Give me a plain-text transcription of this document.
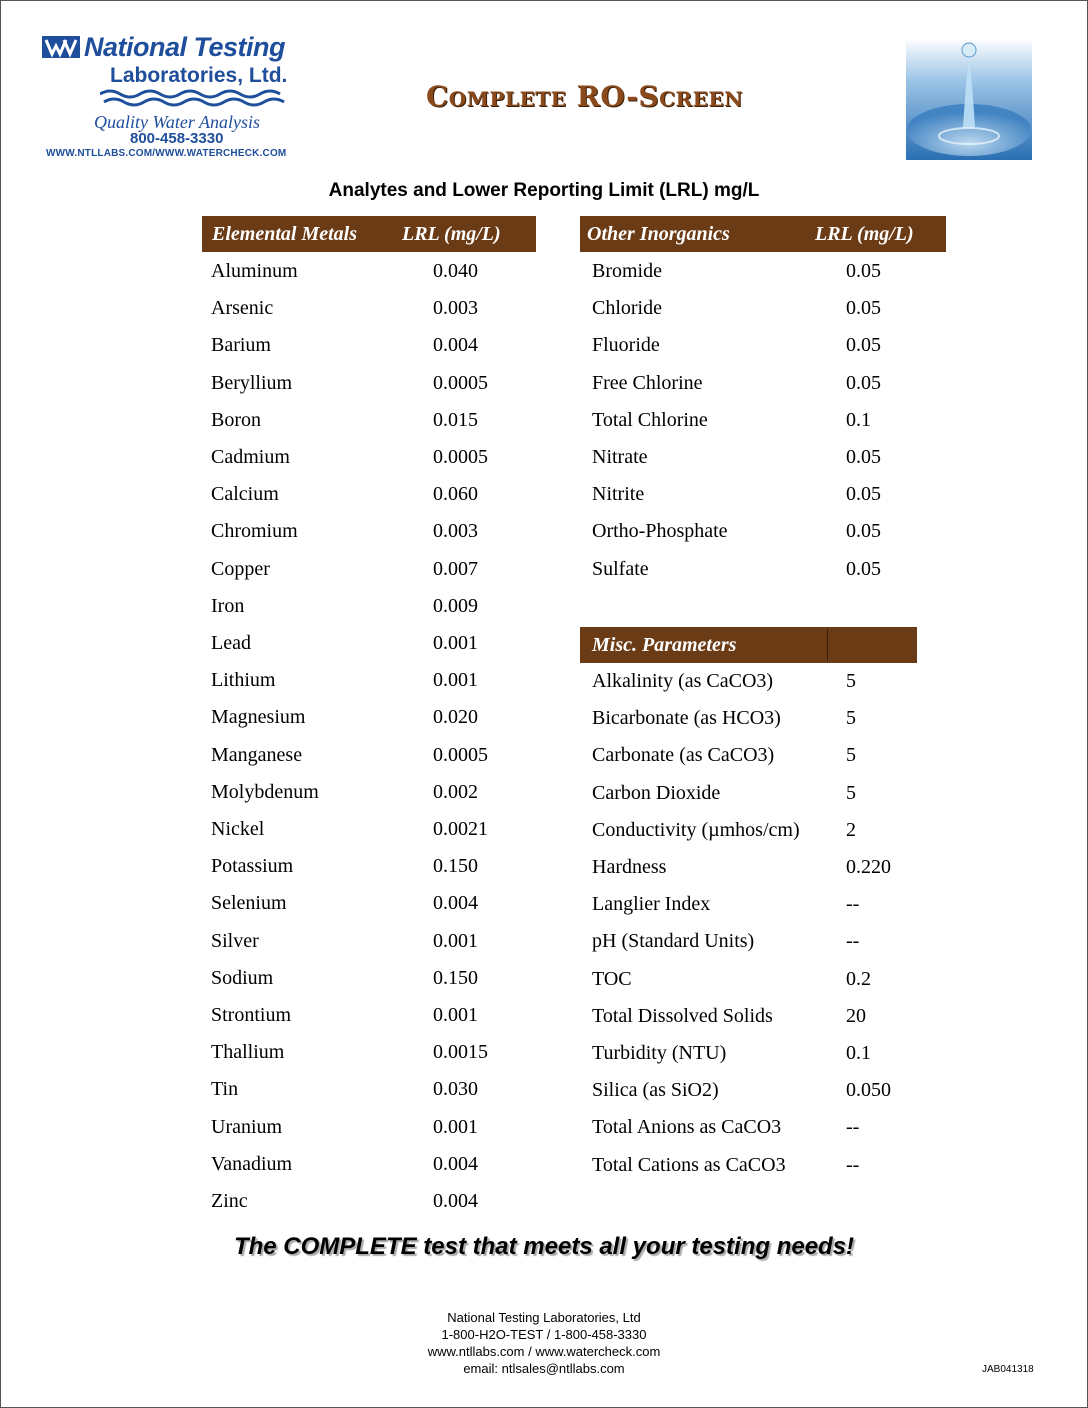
National Testing
Laboratories, Ltd.
Quality Water Analysis
800-458-3330
WWW.NTLLABS.COM/WWW.WATERCHECK.COM
Complete RO-Screen
Analytes and Lower Reporting Limit (LRL) mg/L
Elemental Metals LRL (mg/L)
Aluminum	0.040
Arsenic	0.003
Barium	0.004
Beryllium	0.0005
Boron	0.015
Cadmium	0.0005
Calcium	0.060
Chromium	0.003
Copper	0.007
Iron	0.009
Lead	0.001
Lithium	0.001
Magnesium	0.020
Manganese	0.0005
Molybdenum	0.002
Nickel	0.0021
Potassium	0.150
Selenium	0.004
Silver	0.001
Sodium	0.150
Strontium	0.001
Thallium	0.0015
Tin	0.030
Uranium	0.001
Vanadium	0.004
Zinc	0.004
Other Inorganics	LRL (mg/L)
Bromide	0.05
Chloride	0.05
Fluoride	0.05
Free Chlorine	0.05
Total Chlorine	0.1
Nitrate	0.05
Nitrite	0.05
Ortho-Phosphate	0.05
Sulfate	0.05
Misc. Parameters
Alkalinity (as CaCO3)	5
Bicarbonate (as HCO3)	5
Carbonate (as CaCO3)	5
Carbon Dioxide	5
Conductivity (µmhos/cm) 2
Hardness	0.220
Langlier Index	--
pH (Standard Units)	--
TOC	0.2
Total Dissolved Solids	20
Turbidity (NTU)	0.1
Silica (as SiO2)	0.050
Total Anions as CaCO3	--
Total Cations as CaCO3	--
The COMPLETE test that meets all your testing needs!
National Testing Laboratories, Ltd
1-800-H2O-TEST / 1-800-458-3330
www.ntllabs.com / www.watercheck.com
email: ntlsales@ntllabs.com	JAB041318
